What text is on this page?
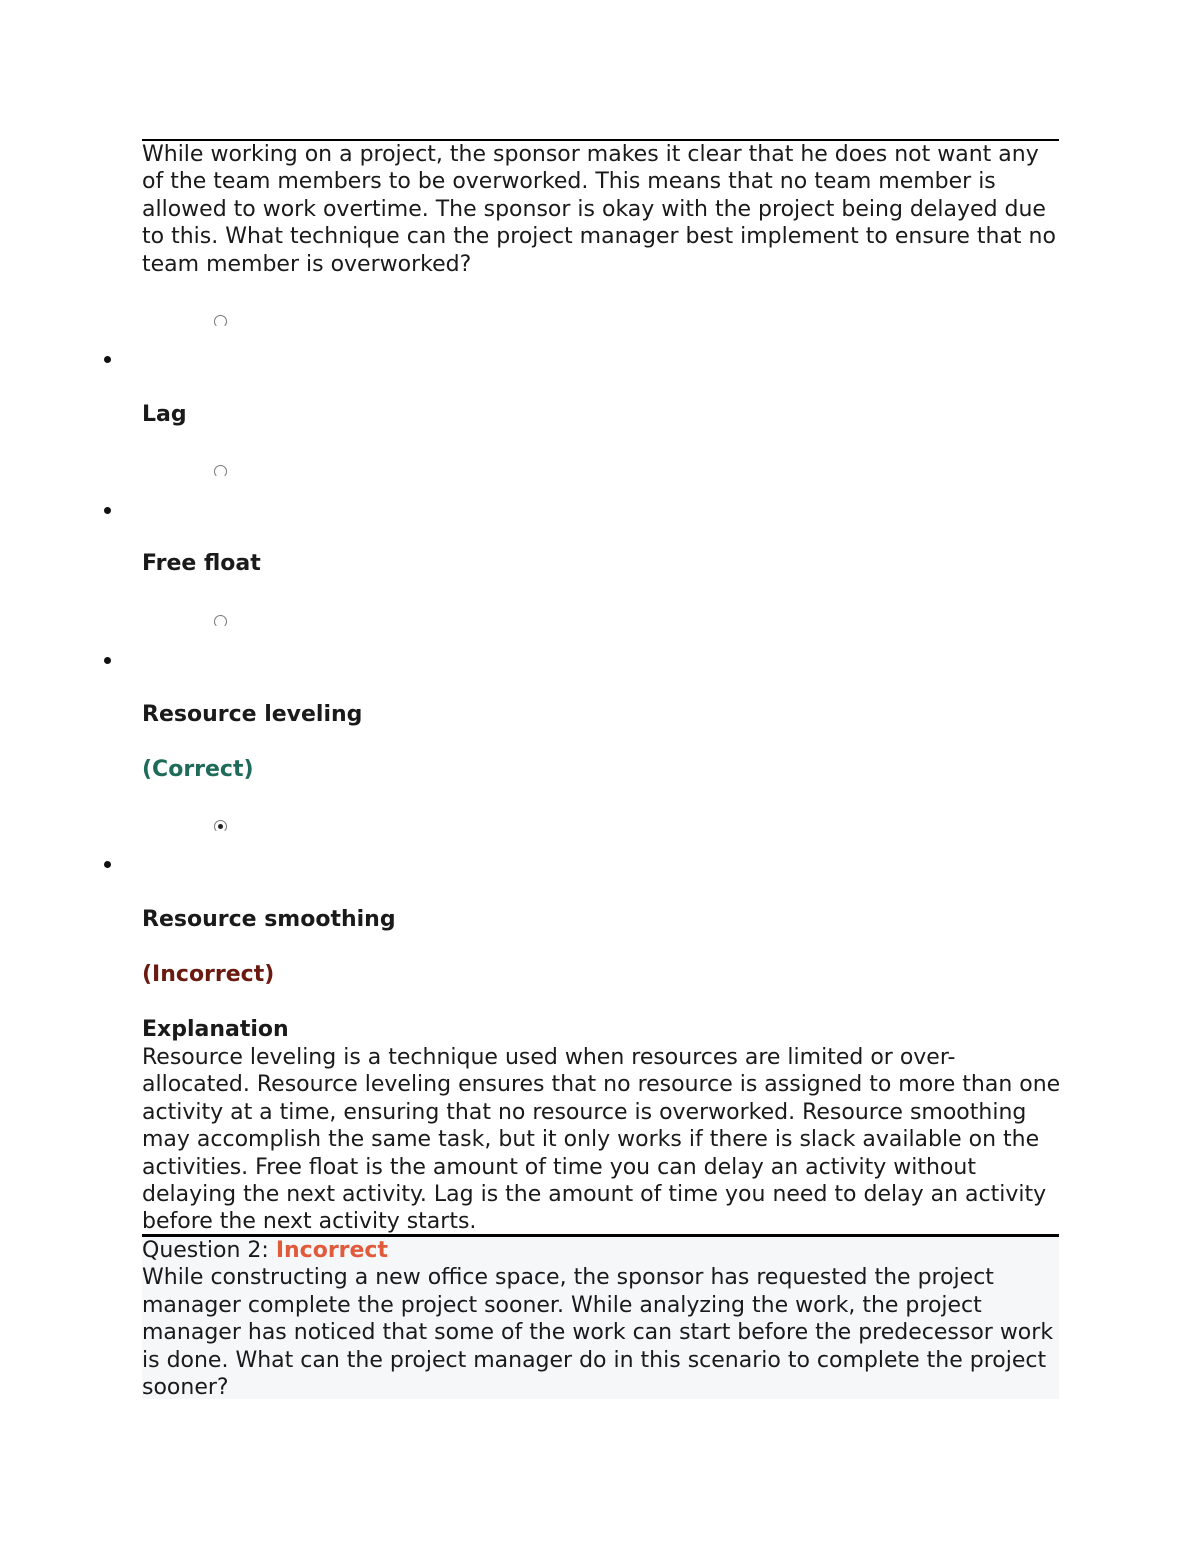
While working on a project, the sponsor makes it clear that he does not want any of the team members to be overworked. This means that no team member is allowed to work overtime. The sponsor is okay with the project being delayed due to this. What technique can the project manager best implement to ensure that no team member is overworked?

Lag
Free float
Resource leveling
(Correct)
Resource smoothing
(Incorrect)
Explanation
Resource leveling is a technique used when resources are limited or over-allocated. Resource leveling ensures that no resource is assigned to more than one activity at a time, ensuring that no resource is overworked. Resource smoothing may accomplish the same task, but it only works if there is slack available on the activities. Free float is the amount of time you can delay an activity without delaying the next activity. Lag is the amount of time you need to delay an activity before the next activity starts.
Question 2: Incorrect
While constructing a new office space, the sponsor has requested the project manager complete the project sooner. While analyzing the work, the project manager has noticed that some of the work can start before the predecessor work is done. What can the project manager do in this scenario to complete the project sooner?
